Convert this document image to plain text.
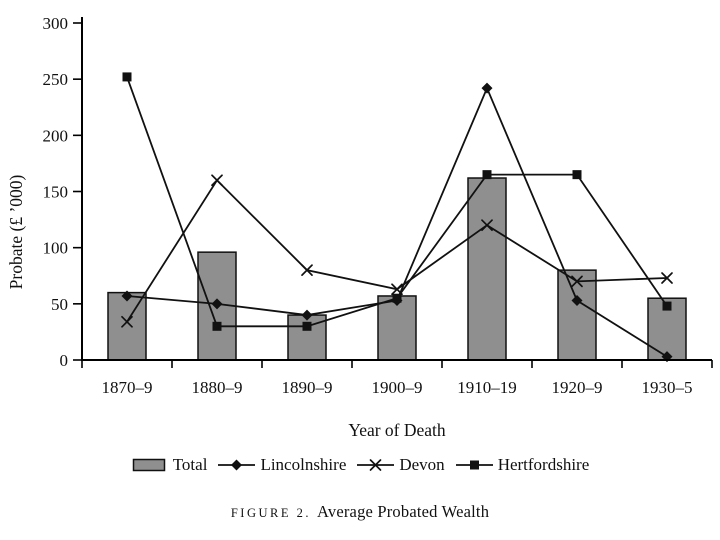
0
50
100
150
200
250
300
1870–9 1880–9 1890–9 1900–9 1910–19 1920–9 1930–5
Probate (£ ’000)
Year of Death
Total	Lincolnshire	Devon	Hertfordshire
FIGURE 2. Average Probated Wealth
